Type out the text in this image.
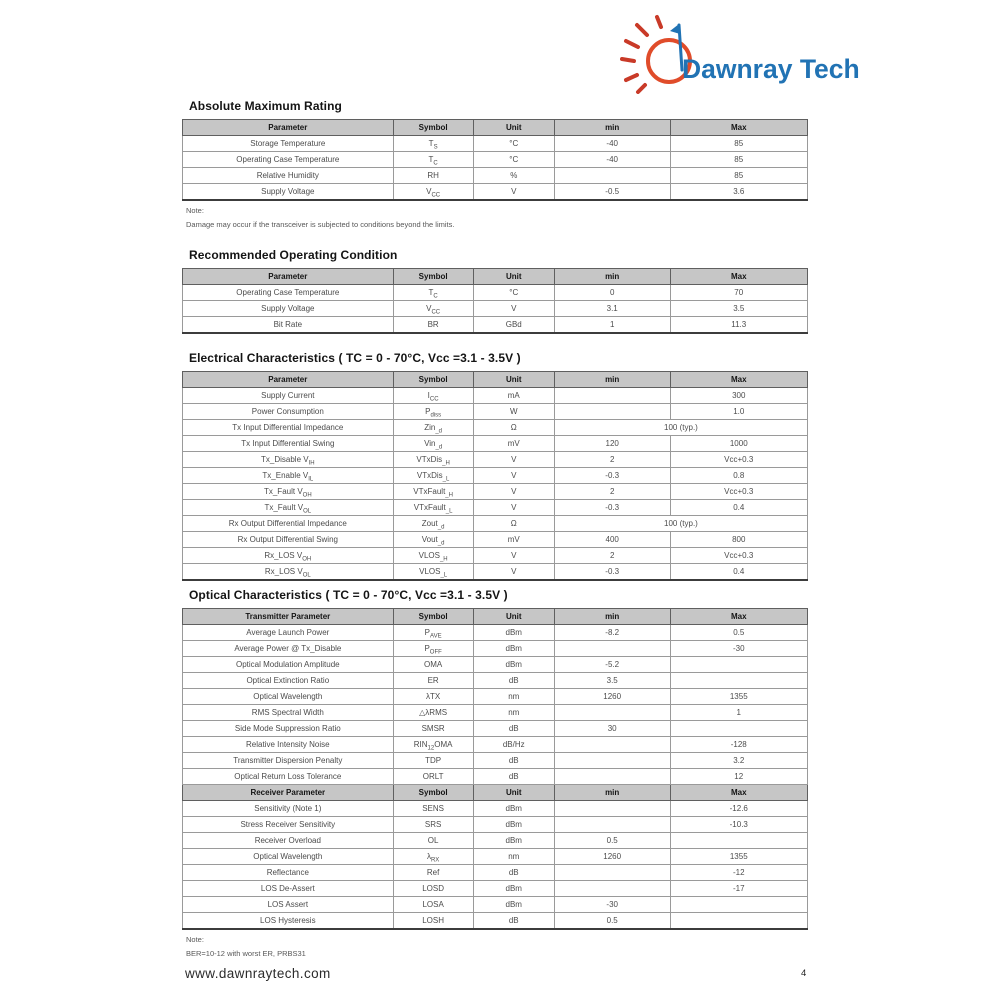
Dawnray Tech
Absolute Maximum Rating
Parameter	Symbol	Unit	min	Max
Storage Temperature	$T_S$	°C	-40	85
Operating Case Temperature	$T_C$	°C	-40	85
Relative Humidity	RH	%		85
Supply Voltage	$V_{CC}$	V	-0.5	3.6
Note:
Damage may occur if the transceiver is subjected to conditions beyond the limits.
Recommended Operating Condition
Parameter	Symbol	Unit	min	Max
Operating Case Temperature	$T_C$	°C	0	70
Supply Voltage	$V_{CC}$	V	3.1	3.5
Bit Rate	BR	GBd	1	11.3
Electrical Characteristics ( TC = 0 - 70°C, Vcc =3.1 - 3.5V )
Parameter	Symbol	Unit	min	Max
Supply Current	$I_{CC}$	mA		300
Power Consumption	$P_{diss}$	W		1.0
Tx Input Differential Impedance	Zin$_{\_d}$	Ω	100 (typ.)	
Tx Input Differential Swing	Vin$_{\_d}$	mV	120	1000
Tx_Disable $V_{IH}$	VTxDis$_{\_H}$	V	2	Vcc+0.3
Tx_Enable $V_{IL}$	VTxDis$_{\_L}$	V	-0.3	0.8
Tx_Fault $V_{OH}$	VTxFault$_{\_H}$	V	2	Vcc+0.3
Tx_Fault $V_{OL}$	VTxFault$_{\_L}$	V	-0.3	0.4
Rx Output Differential Impedance	Zout$_{\_d}$	Ω	100 (typ.)	
Rx Output Differential Swing	Vout$_{\_d}$	mV	400	800
Rx_LOS $V_{OH}$	$VLOS_{\_H}$	V	2	Vcc+0.3
Rx_LOS $V_{OL}$	$VLOS_{\_L}$	V	-0.3	0.4
Optical Characteristics ( TC = 0 - 70°C, Vcc =3.1 - 3.5V )
Transmitter Parameter	Symbol	Unit	min	Max
Average Launch Power	$P_{AVE}$	dBm	-8.2	0.5
Average Power @ Tx_Disable	$P_{OFF}$	dBm		-30
Optical Modulation Amplitude	OMA	dBm	-5.2	
Optical Extinction Ratio	ER	dB	3.5	
Optical Wavelength	λTX	nm	1260	1355
RMS Spectral Width	△λRMS	nm		1
Side Mode Suppression Ratio	SMSR	dB	30	
Relative Intensity Noise	$RIN_{12}OMA$	dB/Hz		-128
Transmitter Dispersion Penalty	TDP	dB		3.2
Optical Return Loss Tolerance	ORLT	dB		12
Receiver Parameter	Symbol	Unit	min	Max
Sensitivity (Note 1)	SENS	dBm		-12.6
Stress Receiver Sensitivity	SRS	dBm		-10.3
Receiver Overload	OL	dBm	0.5	
Optical Wavelength	$\lambda_{RX}$	nm	1260	1355
Reflectance	Ref	dB		-12
LOS De-Assert	LOSD	dBm		-17
LOS Assert	LOSA	dBm	-30	
LOS Hysteresis	LOSH	dB	0.5	
Note:
BER=10-12 with worst ER, PRBS31
www.dawnraytech.com	4
